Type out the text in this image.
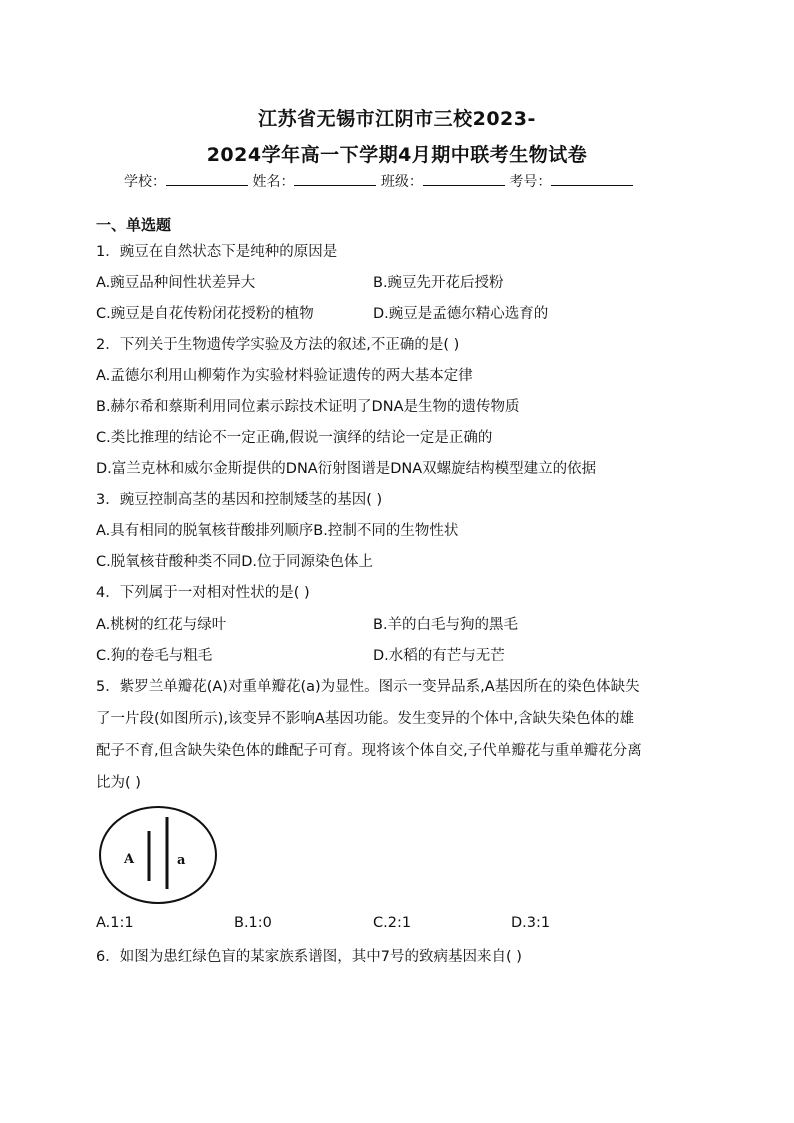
江苏省无锡市江阴市三校2023-
2024学年高一下学期4月期中联考生物试卷
学校：	姓名：	班级：	考号：
一、单选题
1．豌豆在自然状态下是纯种的原因是
A.豌豆品种间性状差异大	B.豌豆先开花后授粉
C.豌豆是自花传粉闭花授粉的植物	D.豌豆是孟德尔精心选育的
2．下列关于生物遗传学实验及方法的叙述,不正确的是( )
A.孟德尔利用山柳菊作为实验材料验证遗传的两大基本定律
B.赫尔希和蔡斯利用同位素示踪技术证明了DNA是生物的遗传物质
C.类比推理的结论不一定正确,假说一演绎的结论一定是正确的
D.富兰克林和威尔金斯提供的DNA衍射图谱是DNA双螺旋结构模型建立的依据
3．豌豆控制高茎的基因和控制矮茎的基因( )
A.具有相同的脱氧核苷酸排列顺序B.控制不同的生物性状
C.脱氧核苷酸种类不同D.位于同源染色体上
4．下列属于一对相对性状的是( )
A.桃树的红花与绿叶	B.羊的白毛与狗的黑毛
C.狗的卷毛与粗毛	D.水稻的有芒与无芒
5．紫罗兰单瓣花(A)对重单瓣花(a)为显性。图示一变异品系,A基因所在的染色体缺失
了一片段(如图所示),该变异不影响A基因功能。发生变异的个体中,含缺失染色体的雄
配子不育,但含缺失染色体的雌配子可育。现将该个体自交,子代单瓣花与重单瓣花分离
比为( )
A	a
A.1:1	B.1:0	C.2:1	D.3:1
6．如图为患红绿色盲的某家族系谱图，其中7号的致病基因来自( )
